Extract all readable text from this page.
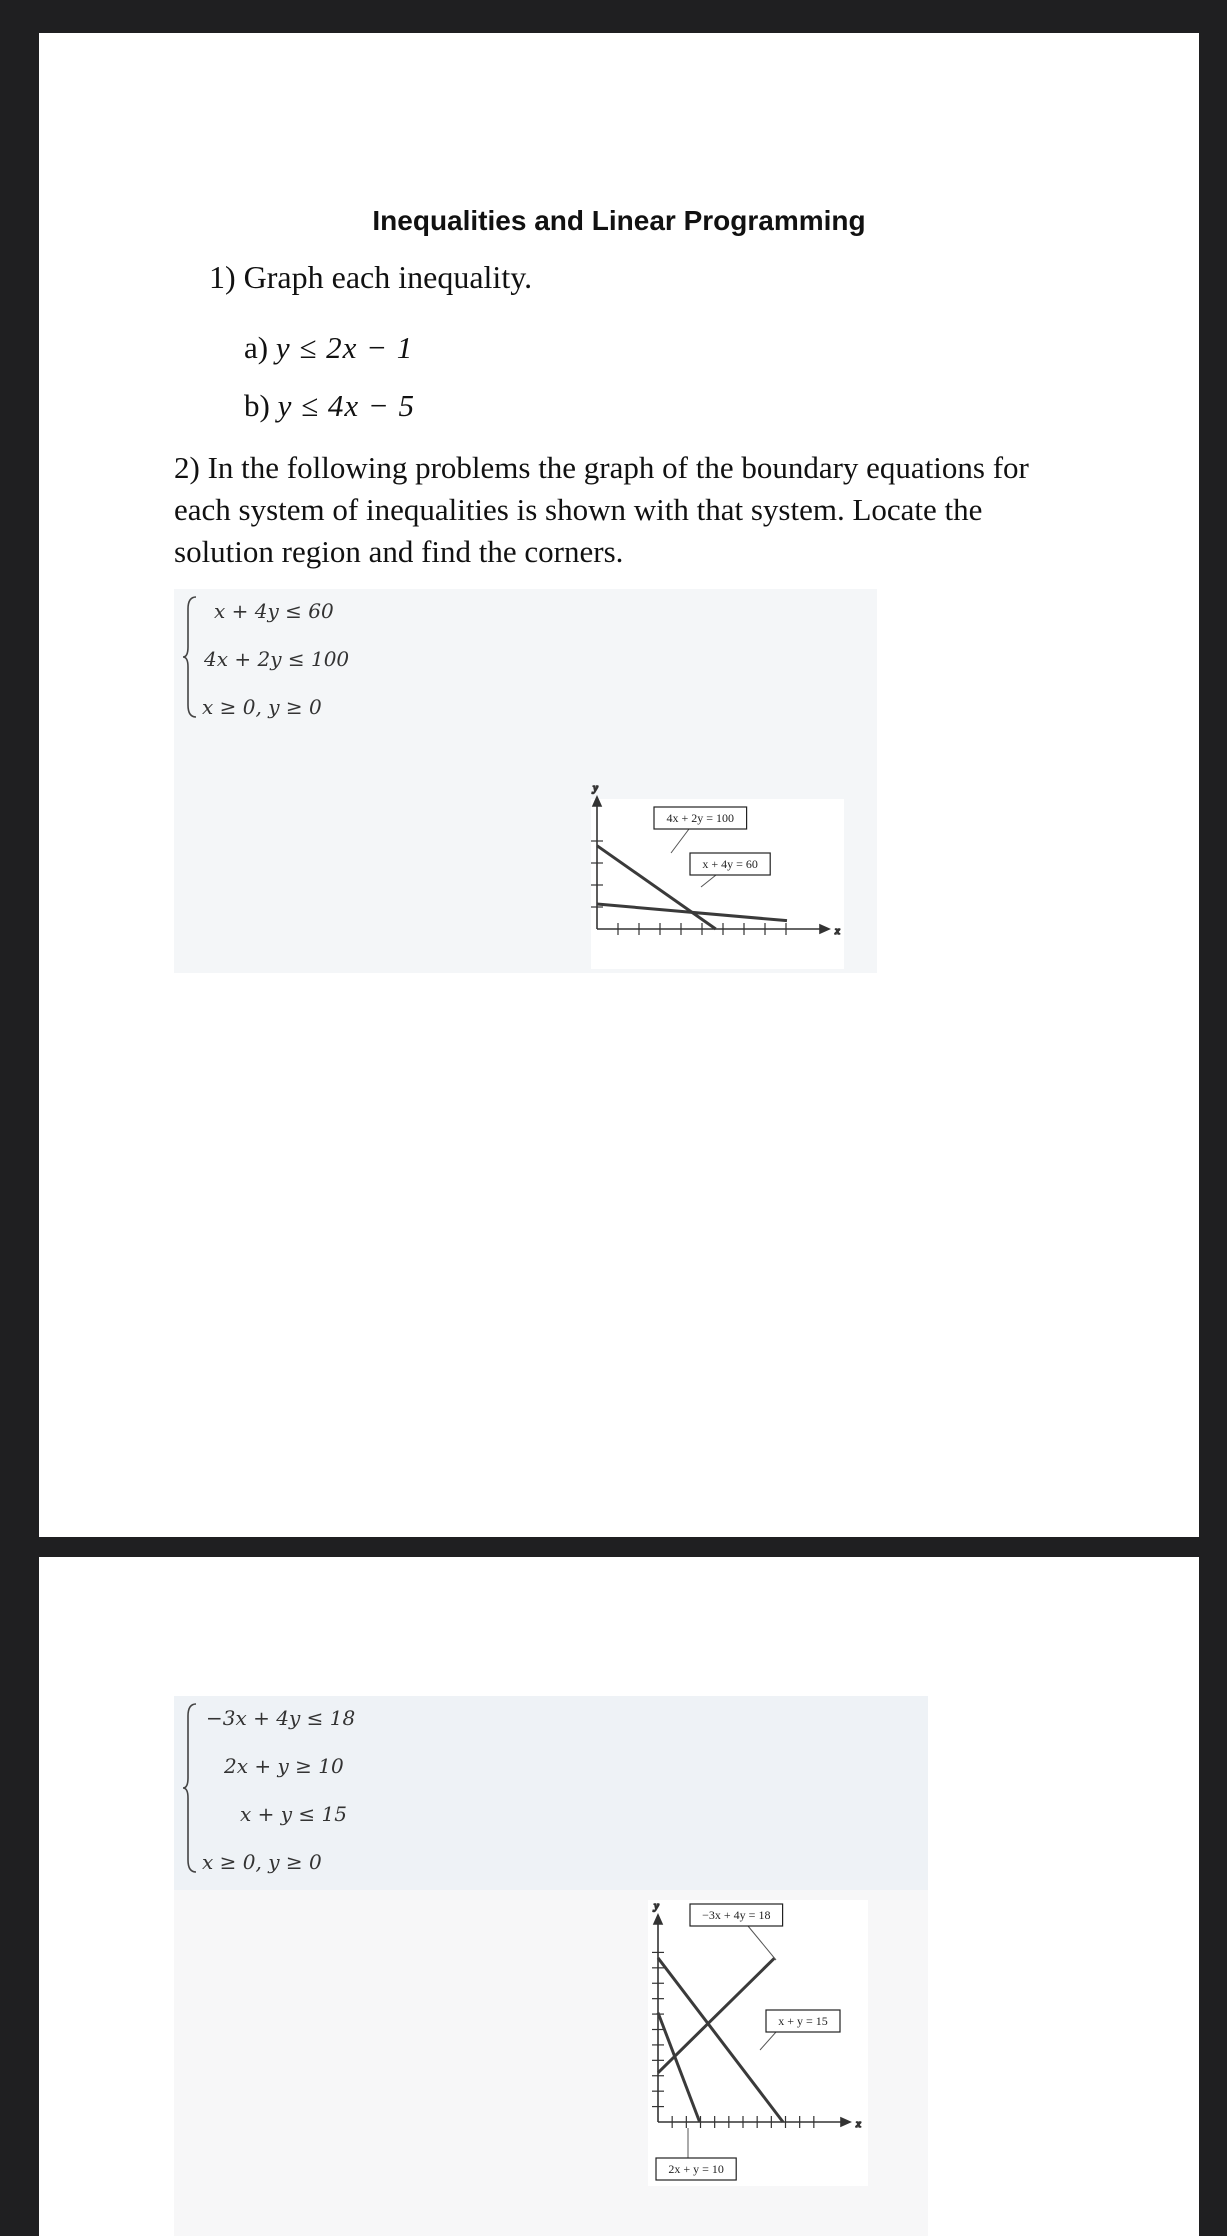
Inequalities and Linear Programming
1) Graph each inequality.
a) y ≤ 2x − 1
b) y ≤ 4x − 5
2) In the following problems the graph of the boundary equations for each system of inequalities is shown with that system. Locate the solution region and find the corners.
x + 4y ≤ 60
4x + 2y ≤ 100
x ≥ 0, y ≥ 0
x
y
4x + 2y = 100
x + 4y = 60
−3x + 4y ≤ 18
2x + y ≥ 10
x + y ≤ 15
x ≥ 0, y ≥ 0
x
y
−3x + 4y = 18
x + y = 15
2x + y = 10
